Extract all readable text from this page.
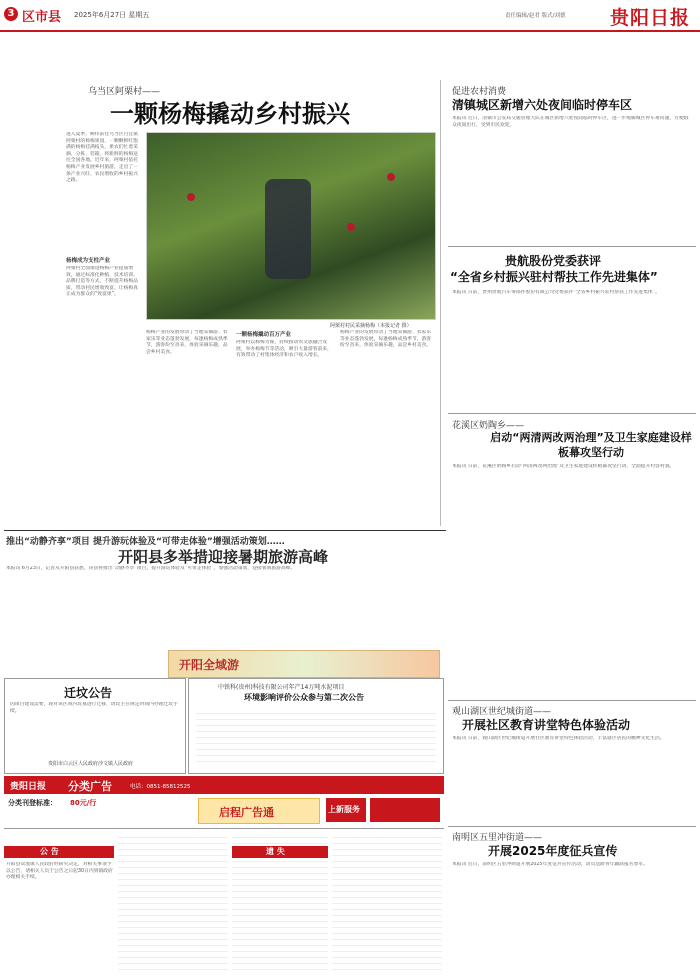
3 区市县 2025年6月27日 星期五	责任编辑/赵君 版式/刘德 贵阳日报
乌当区阿栗村——
一颗杨梅撬动乡村振兴
进入夏季，柳伟前往乌当区百宜镇阿栗村的杨梅果园，一颗颗鲜红饱满的杨梅挂满枝头，果农们忙着采摘、分拣、装箱，将新鲜的杨梅送往全国各地。近年来，阿栗村依托杨梅产业发展乡村旅游，走出了一条产业兴旺、农民增收的乡村振兴之路。
杨梅成为支柱产业
阿栗村全面推进杨梅产业提质增效，通过标准化种植、技术培训、品牌打造等方式，不断提升杨梅品质，带动村民增收致富，让杨梅真正成为群众的“致富果”。
阿栗村村民采摘杨梅（本报记者 摄）
杨梅产业的发展带动了当地采摘游、农家乐等业态蓬勃发展，每逢杨梅成熟季节，游客纷至沓来，体验采摘乐趣，品尝乡村美食。
一颗杨梅撬动百万产业
阿栗村以杨梅为媒，持续推动农文旅融合发展，举办杨梅节等活动，吸引大量游客前来，有效带动了村集体经济和农户收入增长。
杨梅产业的发展带动了当地采摘游、农家乐等业态蓬勃发展，每逢杨梅成熟季节，游客纷至沓来，体验采摘乐趣，品尝乡村美食。
促进农村消费
清镇城区新增六处夜间临时停车区
本报讯 近日，清镇市公安局交通管理大队在城区新增六处夜间临时停车区，进一步缓解城区停车难问题，方便群众夜间出行，受到市民欢迎。
贵航股份党委获评
“全省乡村振兴驻村帮扶工作先进集体”
本报讯 日前，贵州贵航汽车零部件股份有限公司党委获评“全省乡村振兴驻村帮扶工作先进集体”。
花溪区奶陶乡——
启动“两清两改两治理”及卫生家庭建设样板幕攻坚行动
本报讯 日前，花溪区奶陶乡启动“两清两改两治理”及卫生家庭建设样板幕攻坚行动，全面提升村容村貌。
推出“动静齐享”项目 提升游玩体验及“可带走体验”增强活动策划……
开阳县多举措迎接暑期旅游高峰
本报讯 6月23日，记者从开阳县获悉，该县将推出“动静齐享”项目，提升游玩体验及“可带走体验”，加强活动策划，迎接暑期旅游高峰。
开阳全域游
观山湖区世纪城街道——
开展社区教育讲堂特色体验活动
本报讯 日前，观山湖区世纪城街道开展社区教育讲堂特色体验活动，丰富辖区居民的精神文化生活。
迁坟公告
因项目建设需要，现对该区域内坟墓进行迁移，请坟主在规定时间内办理迁坟手续。
贵阳市白云区人民政府沙文镇人民政府
中铁科(贵州)科技有限公司年产14万吨水泥项目
环境影响评价公众参与第二次公告
南明区五里冲街道——
开展2025年度征兵宣传
本报讯 近日，南明区五里冲街道开展2025年度征兵宣传活动，动员适龄青年踊跃报名参军。
贵阳日报 分类广告	电话：0851-85812525
分类刊登标准： 80元/行
启程广告通	上新服务
公 告
开阳县双流镇人民政府经研究决定，对相关事项予以公告，请相关人员于公告之日起30日内到镇政府办理相关手续。
遗 失
